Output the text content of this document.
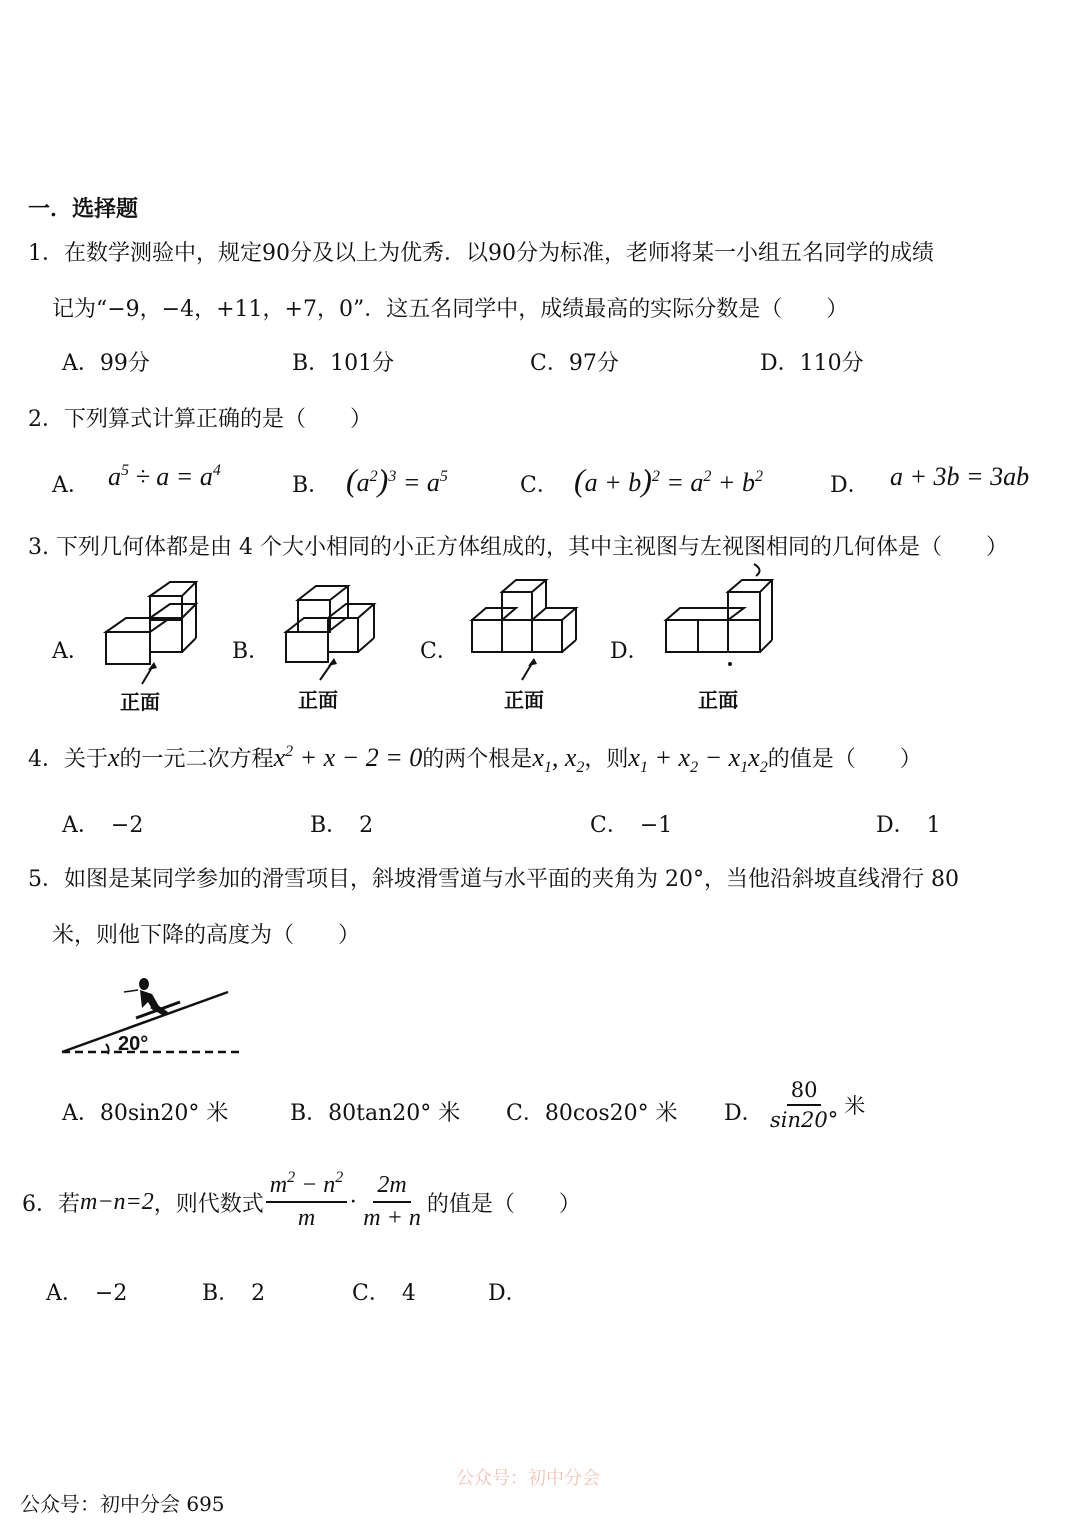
一．选择题
1．在数学测验中，规定90分及以上为优秀．以90分为标准，老师将某一小组五名同学的成绩
记为“−9，−4，+11，+7，0”．这五名同学中，成绩最高的实际分数是（　　）
A．99分	B．101分	C．97分	D．110分
2．下列算式计算正确的是（　　）
A． $a^5 \div a = a^4$
B． $(a^2)^3 = a^5$	C． $(a + b)^2 = a^2 + b^2$	D． a + 3b = 3ab
3. 下列几何体都是由 4 个大小相同的小正方体组成的，其中主视图与左视图相同的几何体是（　　）
A．	B．	C．	D．
正面	正面	正面	正面
4．关于x的一元二次方程$x^2 + x - 2 = 0$的两个根是$x_1$, $x_2$，则$x_1 + x_2 - x_1x_2$的值是（　　）
A．　−2	B．　2	C．　−1	D．　1
5．如图是某同学参加的滑雪项目，斜坡滑雪道与水平面的夹角为 20°，当他沿斜坡直线滑行 80
米，则他下降的高度为（　　）
20°
A．80sin20° 米	B．80tan20° 米 C．80cos20° 米 D． $\frac{80}{\sin 20^\circ}$ 米
6．若 m−n=2 ，则代数式 $\frac{m^2 - n^2}{m} \cdot \frac{2m}{m + n}$ 的值是（　　）
A．　−2	B．　2	C．　4	D．
公众号：初中分会
公众号：初中分会 695
